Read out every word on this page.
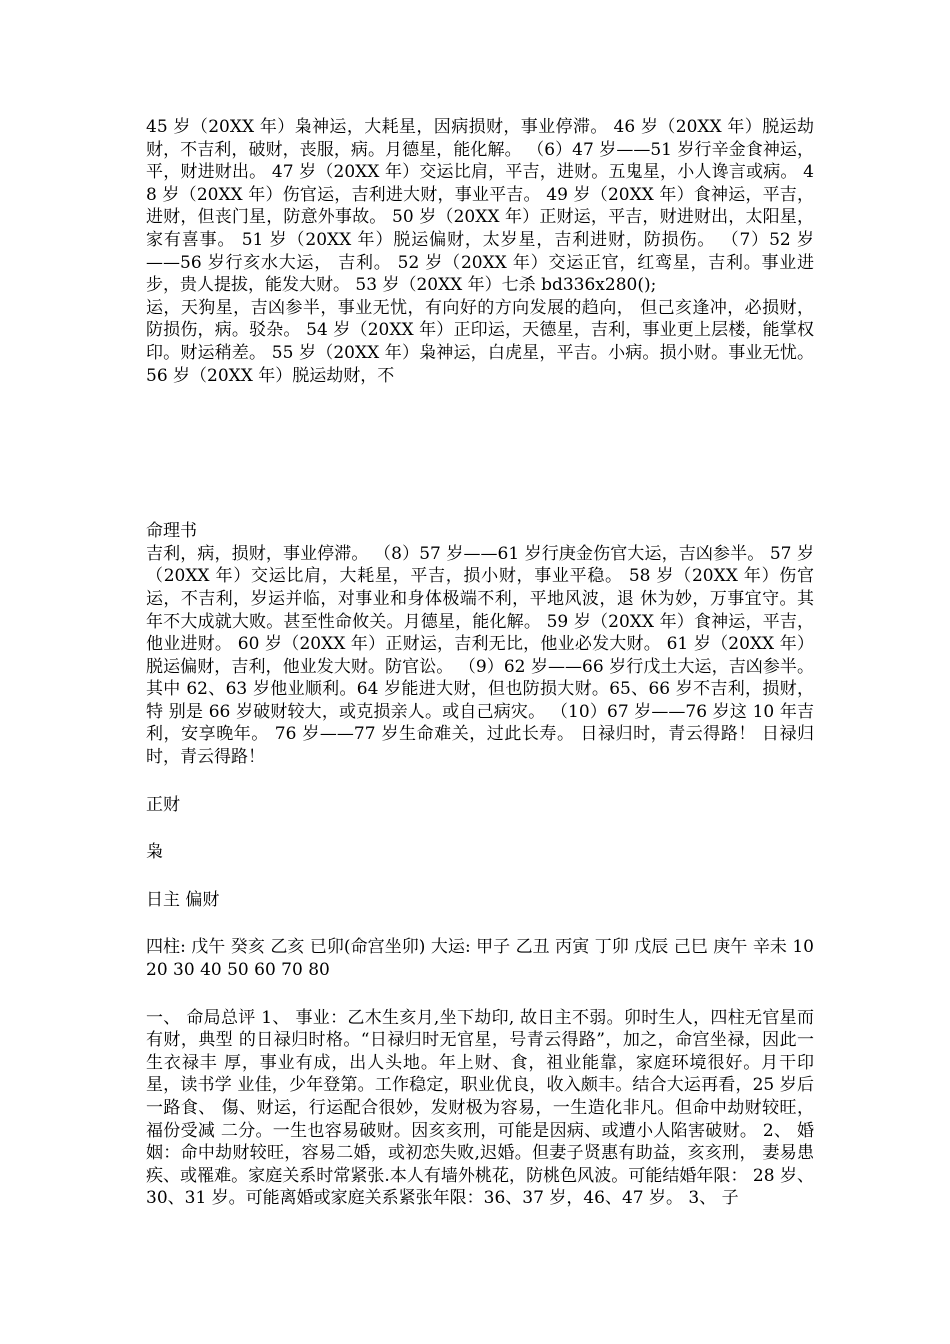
45 岁（20XX 年）枭神运，大耗星，因病损财，事业停滞。 46 岁（20XX 年）脱运劫财，不吉利，破财，丧服，病。月德星，能化解。 （6）47 岁——51 岁行辛金食神运，平，财进财出。 47 岁（20XX 年）交运比肩，平吉，进财。五鬼星，小人谗言或病。 48 岁（20XX 年）伤官运，吉利进大财，事业平吉。 49 岁（20XX 年）食神运，平吉，进财，但丧门星，防意外事故。 50 岁（20XX 年）正财运，平吉，财进财出，太阳星，家有喜事。 51 岁（20XX 年）脱运偏财，太岁星，吉利进财，防损伤。 （7）52 岁——56 岁行亥水大运， 吉利。 52 岁（20XX 年）交运正官，红鸾星，吉利。事业进步，贵人提拔，能发大财。 53 岁（20XX 年）七杀 bd336x280();

运，天狗星，吉凶参半，事业无忧，有向好的方向发展的趋向， 但己亥逢冲，必损财，防损伤，病。驳杂。 54 岁（20XX 年）正印运，天德星，吉利，事业更上层楼，能掌权印。财运稍差。 55 岁（20XX 年）枭神运，白虎星，平吉。小病。损小财。事业无忧。 56 岁（20XX 年）脱运劫财，不

命理书

吉利，病，损财，事业停滞。 （8）57 岁——61 岁行庚金伤官大运，吉凶参半。 57 岁（20XX 年）交运比肩，大耗星，平吉，损小财，事业平稳。 58 岁（20XX 年）伤官运，不吉利，岁运并临，对事业和身体极端不利，平地风波，退 休为妙，万事宜守。其年不大成就大败。甚至性命攸关。月德星，能化解。 59 岁（20XX 年）食神运，平吉，他业进财。 60 岁（20XX 年）正财运，吉利无比，他业必发大财。 61 岁（20XX 年）脱运偏财，吉利，他业发大财。防官讼。 （9）62 岁——66 岁行戊土大运，吉凶参半。 其中 62、63 岁他业顺利。64 岁能进大财，但也防损大财。65、66 岁不吉利，损财，特 别是 66 岁破财较大，或克损亲人。或自己病灾。 （10）67 岁——76 岁这 10 年吉利，安享晚年。 76 岁——77 岁生命难关，过此长寿。 日禄归时，青云得路！ 日禄归时，青云得路！

正财

枭

日主 偏财

四柱: 戊午 癸亥 乙亥 已卯(命宫坐卯) 大运: 甲子 乙丑 丙寅 丁卯 戊辰 己巳 庚午 辛未 10 20 30 40 50 60 70 80

一、 命局总评 1、 事业：乙木生亥月,坐下劫印, 故日主不弱。卯时生人，四柱无官星而有财，典型 的日禄归时格。“日禄归时无官星，号青云得路”，加之，命宫坐禄，因此一生衣禄丰 厚，事业有成，出人头地。年上财、食，祖业能靠，家庭环境很好。月干印星，读书学 业佳，少年登第。工作稳定，职业优良，收入颇丰。结合大运再看，25 岁后一路食、 傷、财运，行运配合很妙，发财极为容易，一生造化非凡。但命中劫财较旺，福份受减 二分。一生也容易破财。因亥亥刑，可能是因病、或遭小人陷害破财。 2、 婚姻：命中劫财较旺，容易二婚，或初恋失败,迟婚。但妻子贤惠有助益，亥亥刑， 妻易患疾、或罹难。家庭关系时常紧张.本人有墙外桃花，防桃色风波。可能结婚年限： 28 岁、30、31 岁。可能离婚或家庭关系紧张年限：36、37 岁，46、47 岁。 3、 子
